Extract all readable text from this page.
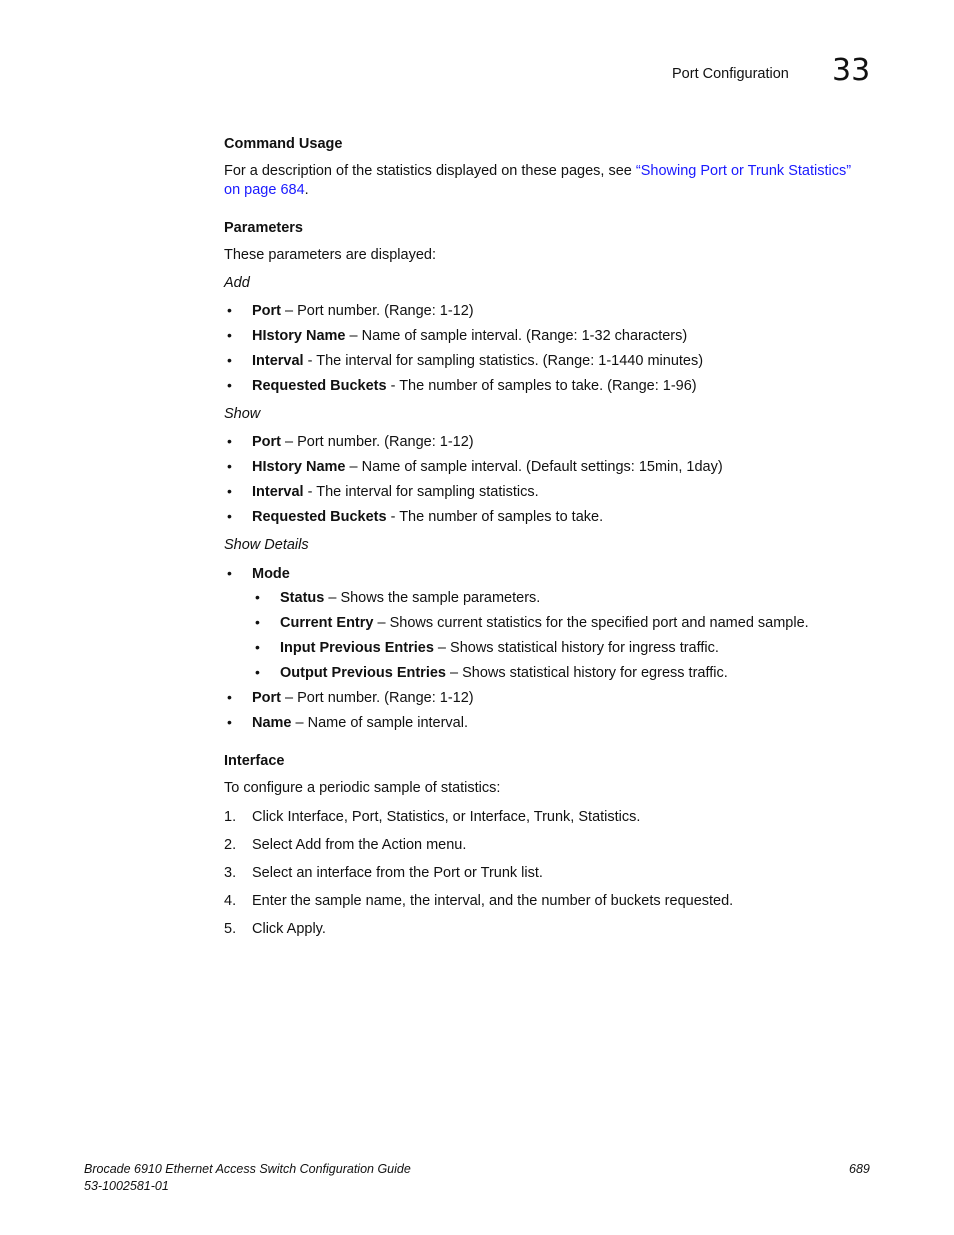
Port Configuration 33
Command Usage
For a description of the statistics displayed on these pages, see “Showing Port or Trunk Statistics”
on page 684.
Parameters
These parameters are displayed:
Add
• Port – Port number. (Range: 1-12)
• HIstory Name – Name of sample interval. (Range: 1-32 characters)
• Interval - The interval for sampling statistics. (Range: 1-1440 minutes)
• Requested Buckets - The number of samples to take. (Range: 1-96)
Show
• Port – Port number. (Range: 1-12)
• HIstory Name – Name of sample interval. (Default settings: 15min, 1day)
• Interval - The interval for sampling statistics.
• Requested Buckets - The number of samples to take.
Show Details
• Mode
• Status – Shows the sample parameters.
• Current Entry – Shows current statistics for the specified port and named sample.
• Input Previous Entries – Shows statistical history for ingress traffic.
• Output Previous Entries – Shows statistical history for egress traffic.
• Port – Port number. (Range: 1-12)
• Name – Name of sample interval.
Interface
To configure a periodic sample of statistics:
1. Click Interface, Port, Statistics, or Interface, Trunk, Statistics.
2. Select Add from the Action menu.
3. Select an interface from the Port or Trunk list.
4. Enter the sample name, the interval, and the number of buckets requested.
5. Click Apply.
Brocade 6910 Ethernet Access Switch Configuration Guide
53-1002581-01
689
